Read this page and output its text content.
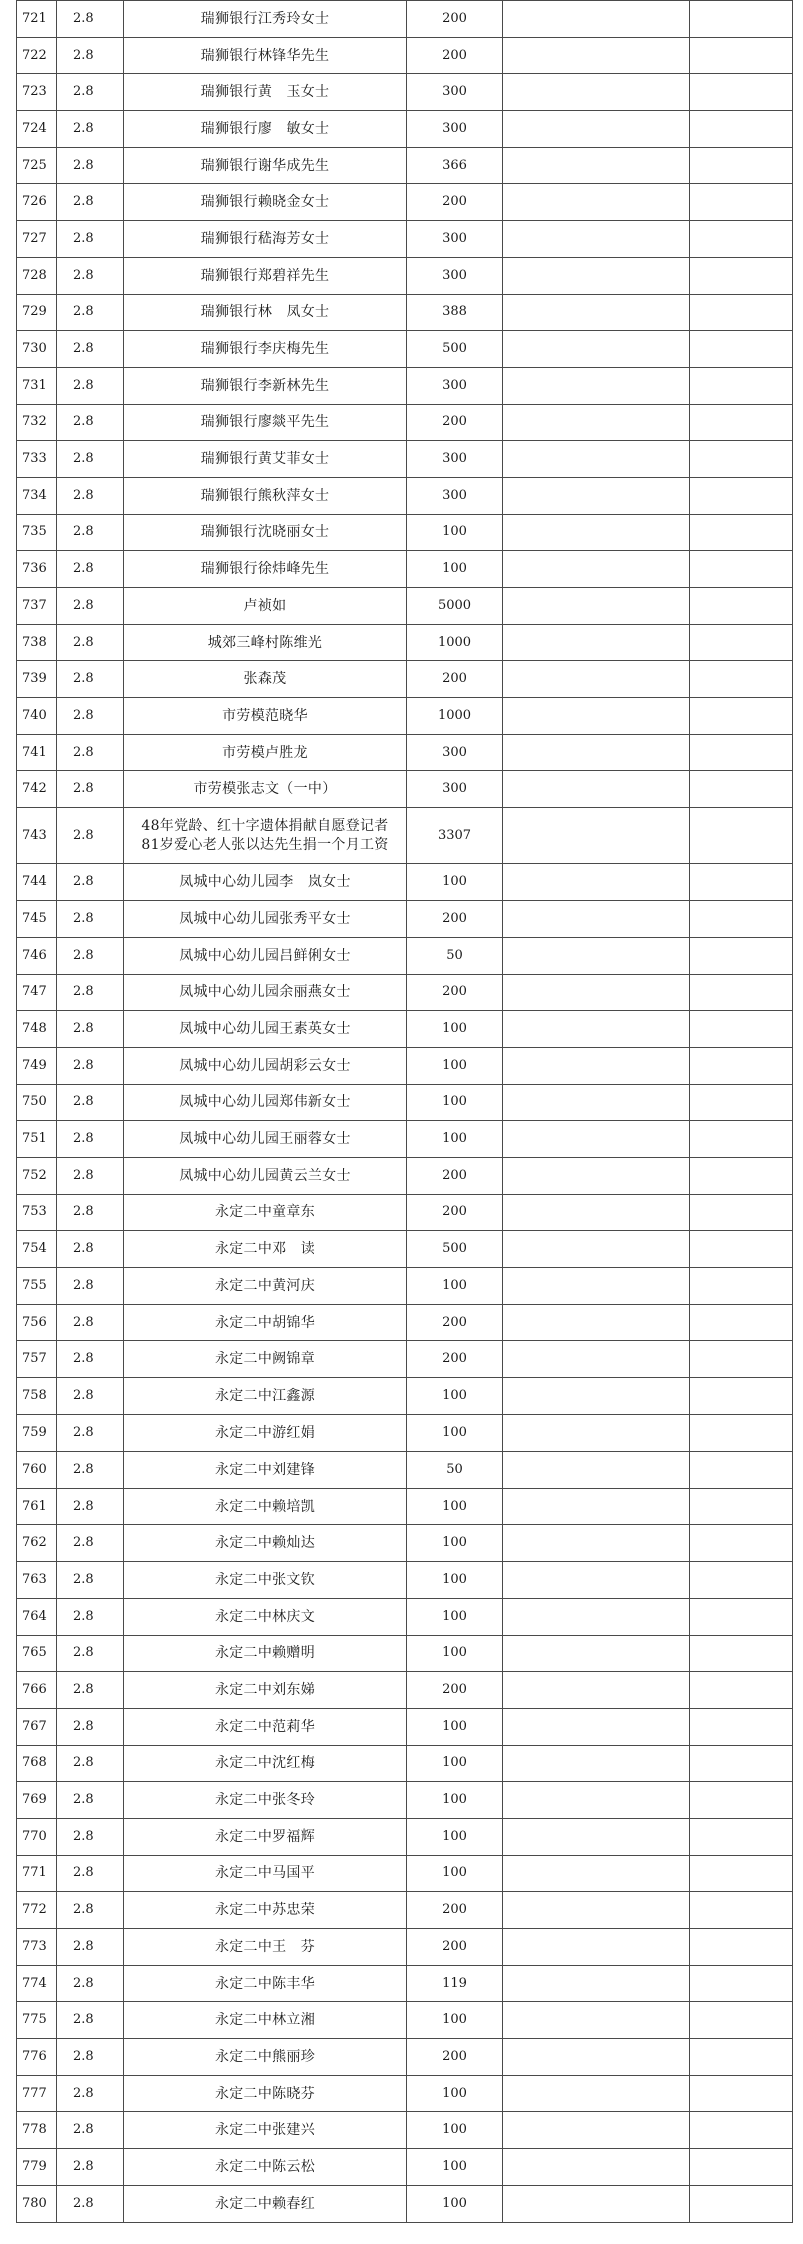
721	2.8	瑞狮银行江秀玲女士	200		
722	2.8	瑞狮银行林锋华先生	200		
723	2.8	瑞狮银行黄　玉女士	300		
724	2.8	瑞狮银行廖　敏女士	300		
725	2.8	瑞狮银行谢华成先生	366		
726	2.8	瑞狮银行赖晓金女士	200		
727	2.8	瑞狮银行嵇海芳女士	300		
728	2.8	瑞狮银行郑碧祥先生	300		
729	2.8	瑞狮银行林　凤女士	388		
730	2.8	瑞狮银行李庆梅先生	500		
731	2.8	瑞狮银行李新林先生	300		
732	2.8	瑞狮银行廖燚平先生	200		
733	2.8	瑞狮银行黄艾菲女士	300		
734	2.8	瑞狮银行熊秋萍女士	300		
735	2.8	瑞狮银行沈晓丽女士	100		
736	2.8	瑞狮银行徐炜峰先生	100		
737	2.8	卢祯如	5000		
738	2.8	城郊三峰村陈维光	1000		
739	2.8	张森茂	200		
740	2.8	市劳模范晓华	1000		
741	2.8	市劳模卢胜龙	300		
742	2.8	市劳模张志文（一中）	300		
743	2.8	48年党龄、红十字遗体捐献自愿登记者
81岁爱心老人张以达先生捐一个月工资	3307		
744	2.8	凤城中心幼儿园李　岚女士	100		
745	2.8	凤城中心幼儿园张秀平女士	200		
746	2.8	凤城中心幼儿园吕鲜俐女士	50		
747	2.8	凤城中心幼儿园余丽燕女士	200		
748	2.8	凤城中心幼儿园王素英女士	100		
749	2.8	凤城中心幼儿园胡彩云女士	100		
750	2.8	凤城中心幼儿园郑伟新女士	100		
751	2.8	凤城中心幼儿园王丽蓉女士	100		
752	2.8	凤城中心幼儿园黄云兰女士	200		
753	2.8	永定二中童章东	200		
754	2.8	永定二中邓　读	500		
755	2.8	永定二中黄河庆	100		
756	2.8	永定二中胡锦华	200		
757	2.8	永定二中阙锦章	200		
758	2.8	永定二中江鑫源	100		
759	2.8	永定二中游红娟	100		
760	2.8	永定二中刘建锋	50		
761	2.8	永定二中赖培凯	100		
762	2.8	永定二中赖灿达	100		
763	2.8	永定二中张文钦	100		
764	2.8	永定二中林庆文	100		
765	2.8	永定二中赖赠明	100		
766	2.8	永定二中刘东娣	200		
767	2.8	永定二中范莉华	100		
768	2.8	永定二中沈红梅	100		
769	2.8	永定二中张冬玲	100		
770	2.8	永定二中罗福辉	100		
771	2.8	永定二中马国平	100		
772	2.8	永定二中苏忠荣	200		
773	2.8	永定二中王　芬	200		
774	2.8	永定二中陈丰华	119		
775	2.8	永定二中林立湘	100		
776	2.8	永定二中熊丽珍	200		
777	2.8	永定二中陈晓芬	100		
778	2.8	永定二中张建兴	100		
779	2.8	永定二中陈云松	100		
780	2.8	永定二中赖春红	100		
